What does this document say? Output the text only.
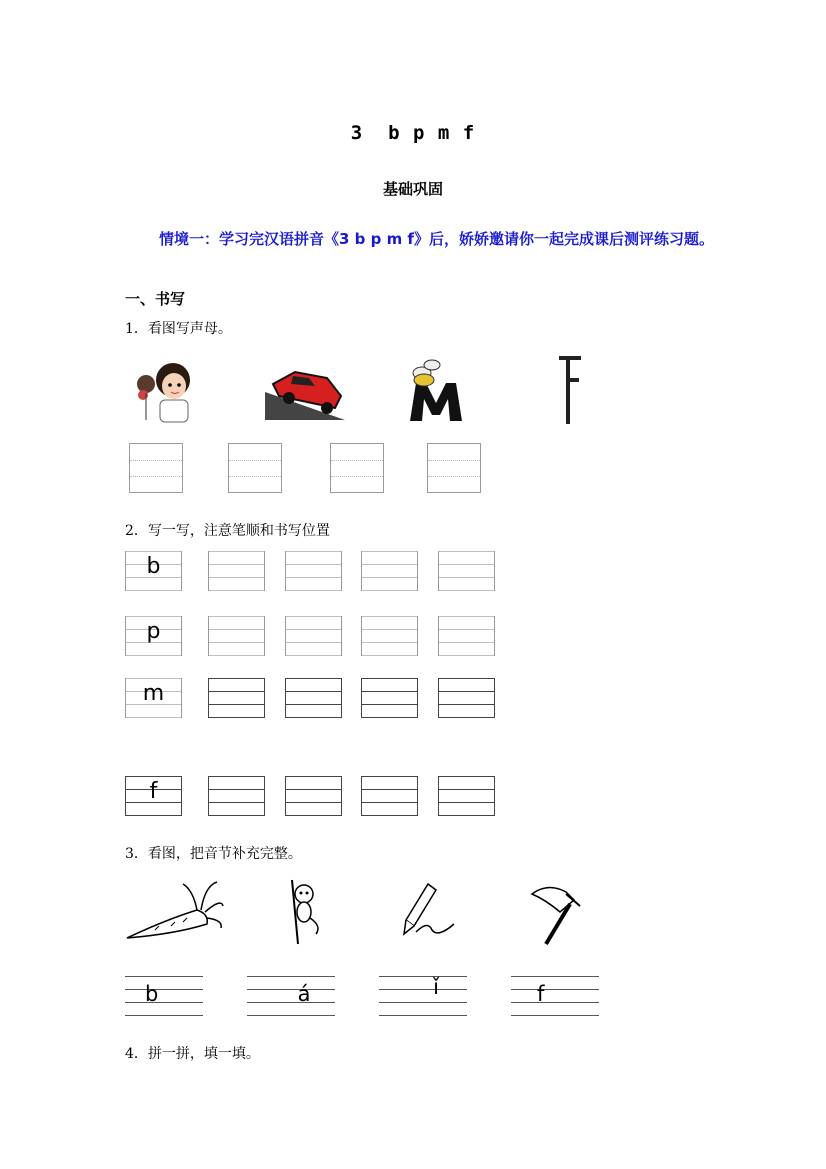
3  b p m f
基础巩固
情境一：学习完汉语拼音《3 b p m f》后，娇娇邀请你一起完成课后测评练习题。
一、书写
1．看图写声母。
2．写一写，注意笔顺和书写位置
b
p
m
f
3．看图，把音节补充完整。
b	á	ǐ	f
4．拼一拼，填一填。
